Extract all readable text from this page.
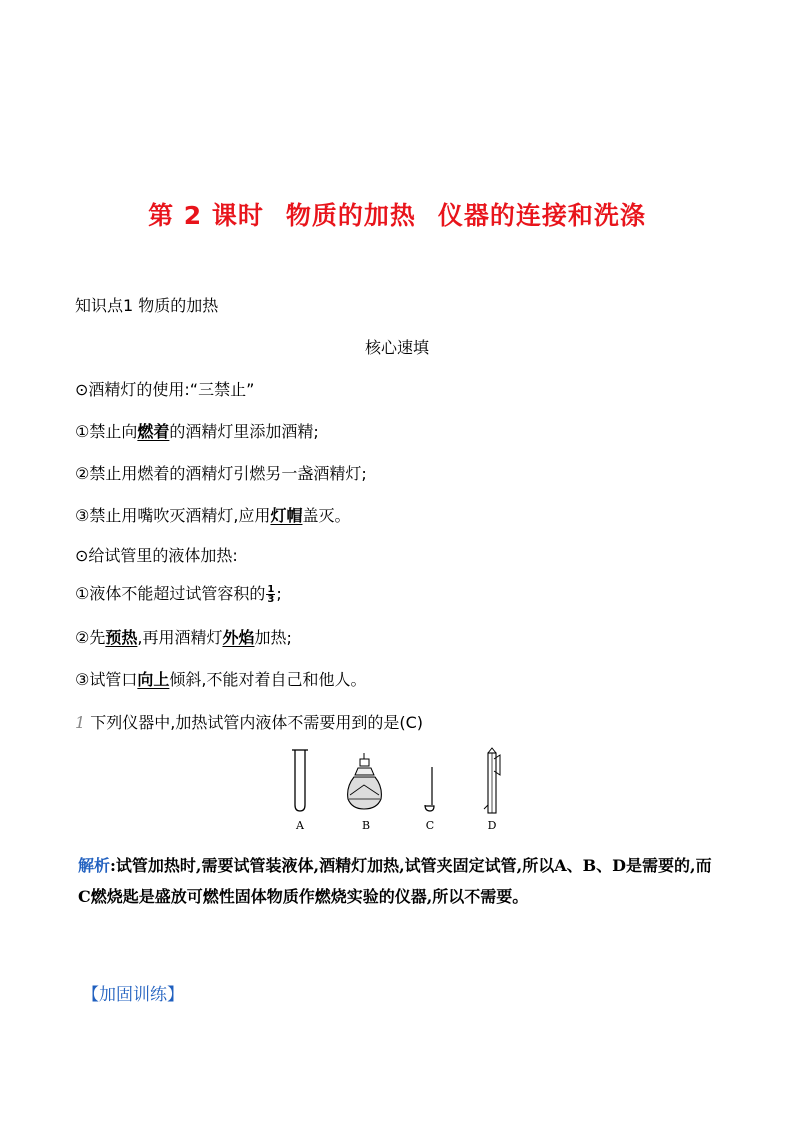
第 2 课时 物质的加热 仪器的连接和洗涤
知识点1 物质的加热
核心速填
⊙酒精灯的使用:“三禁止”
①禁止向燃着的酒精灯里添加酒精;
②禁止用燃着的酒精灯引燃另一盏酒精灯;
③禁止用嘴吹灭酒精灯,应用灯帽盖灭。
⊙给试管里的液体加热:
①液体不能超过试管容积的 $\frac{1}{3}$ ;
②先预热,再用酒精灯外焰加热;
③试管口向上倾斜,不能对着自己和他人。
1 下列仪器中,加热试管内液体不需要用到的是(C)
A	B	C	D
解析:试管加热时,需要试管装液体,酒精灯加热,试管夹固定试管,所以A、B、D是需要的,而C燃烧匙是盛放可燃性固体物质作燃烧实验的仪器,所以不需要。
【加固训练】
